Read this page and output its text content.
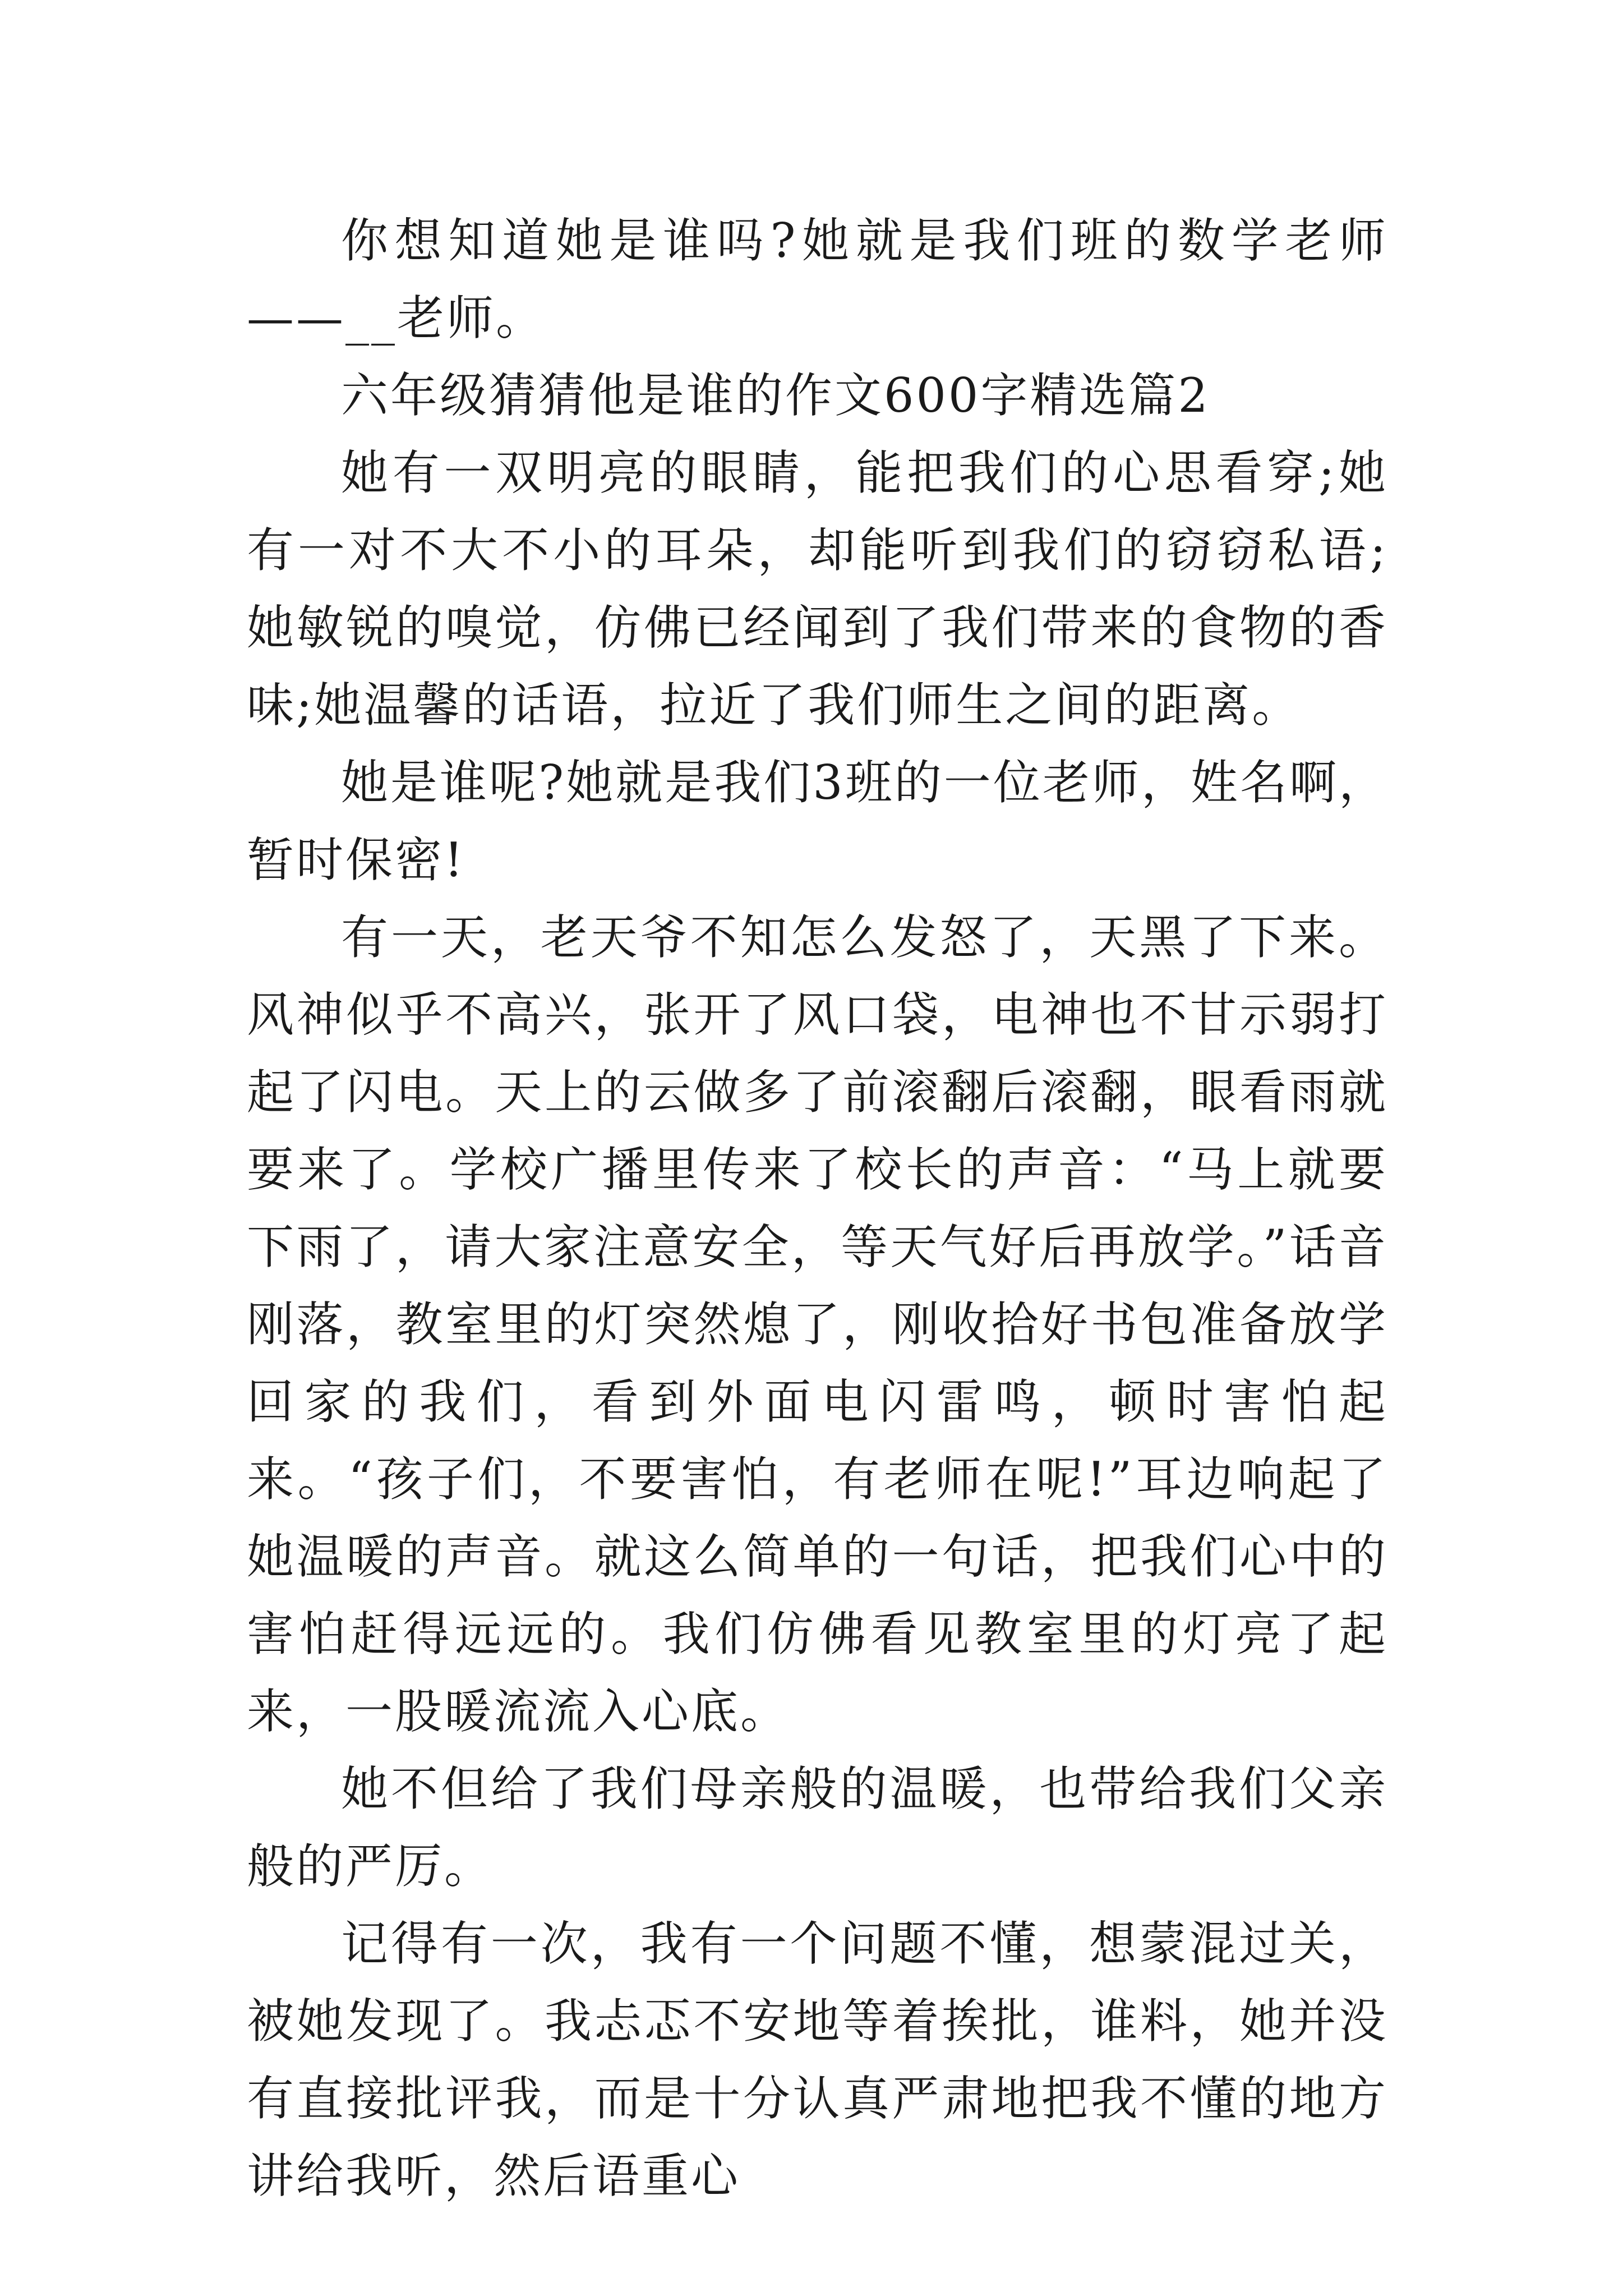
你想知道她是谁吗?她就是我们班的数学老师——__老师。

六年级猜猜他是谁的作文600字精选篇2

她有一双明亮的眼睛，能把我们的心思看穿;她有一对不大不小的耳朵，却能听到我们的窃窃私语;她敏锐的嗅觉，仿佛已经闻到了我们带来的食物的香味;她温馨的话语，拉近了我们师生之间的距离。

她是谁呢?她就是我们3班的一位老师，姓名啊，暂时保密!

有一天，老天爷不知怎么发怒了，天黑了下来。风神似乎不高兴，张开了风口袋，电神也不甘示弱打起了闪电。天上的云做多了前滚翻后滚翻，眼看雨就要来了。学校广播里传来了校长的声音：“马上就要下雨了，请大家注意安全，等天气好后再放学。”话音刚落，教室里的灯突然熄了，刚收拾好书包准备放学回家的我们，看到外面电闪雷鸣，顿时害怕起来。“孩子们，不要害怕，有老师在呢!”耳边响起了她温暖的声音。就这么简单的一句话，把我们心中的害怕赶得远远的。我们仿佛看见教室里的灯亮了起来，一股暖流流入心底。

她不但给了我们母亲般的温暖，也带给我们父亲般的严厉。

记得有一次，我有一个问题不懂，想蒙混过关，被她发现了。我忐忑不安地等着挨批，谁料，她并没有直接批评我，而是十分认真严肃地把我不懂的地方讲给我听，然后语重心
